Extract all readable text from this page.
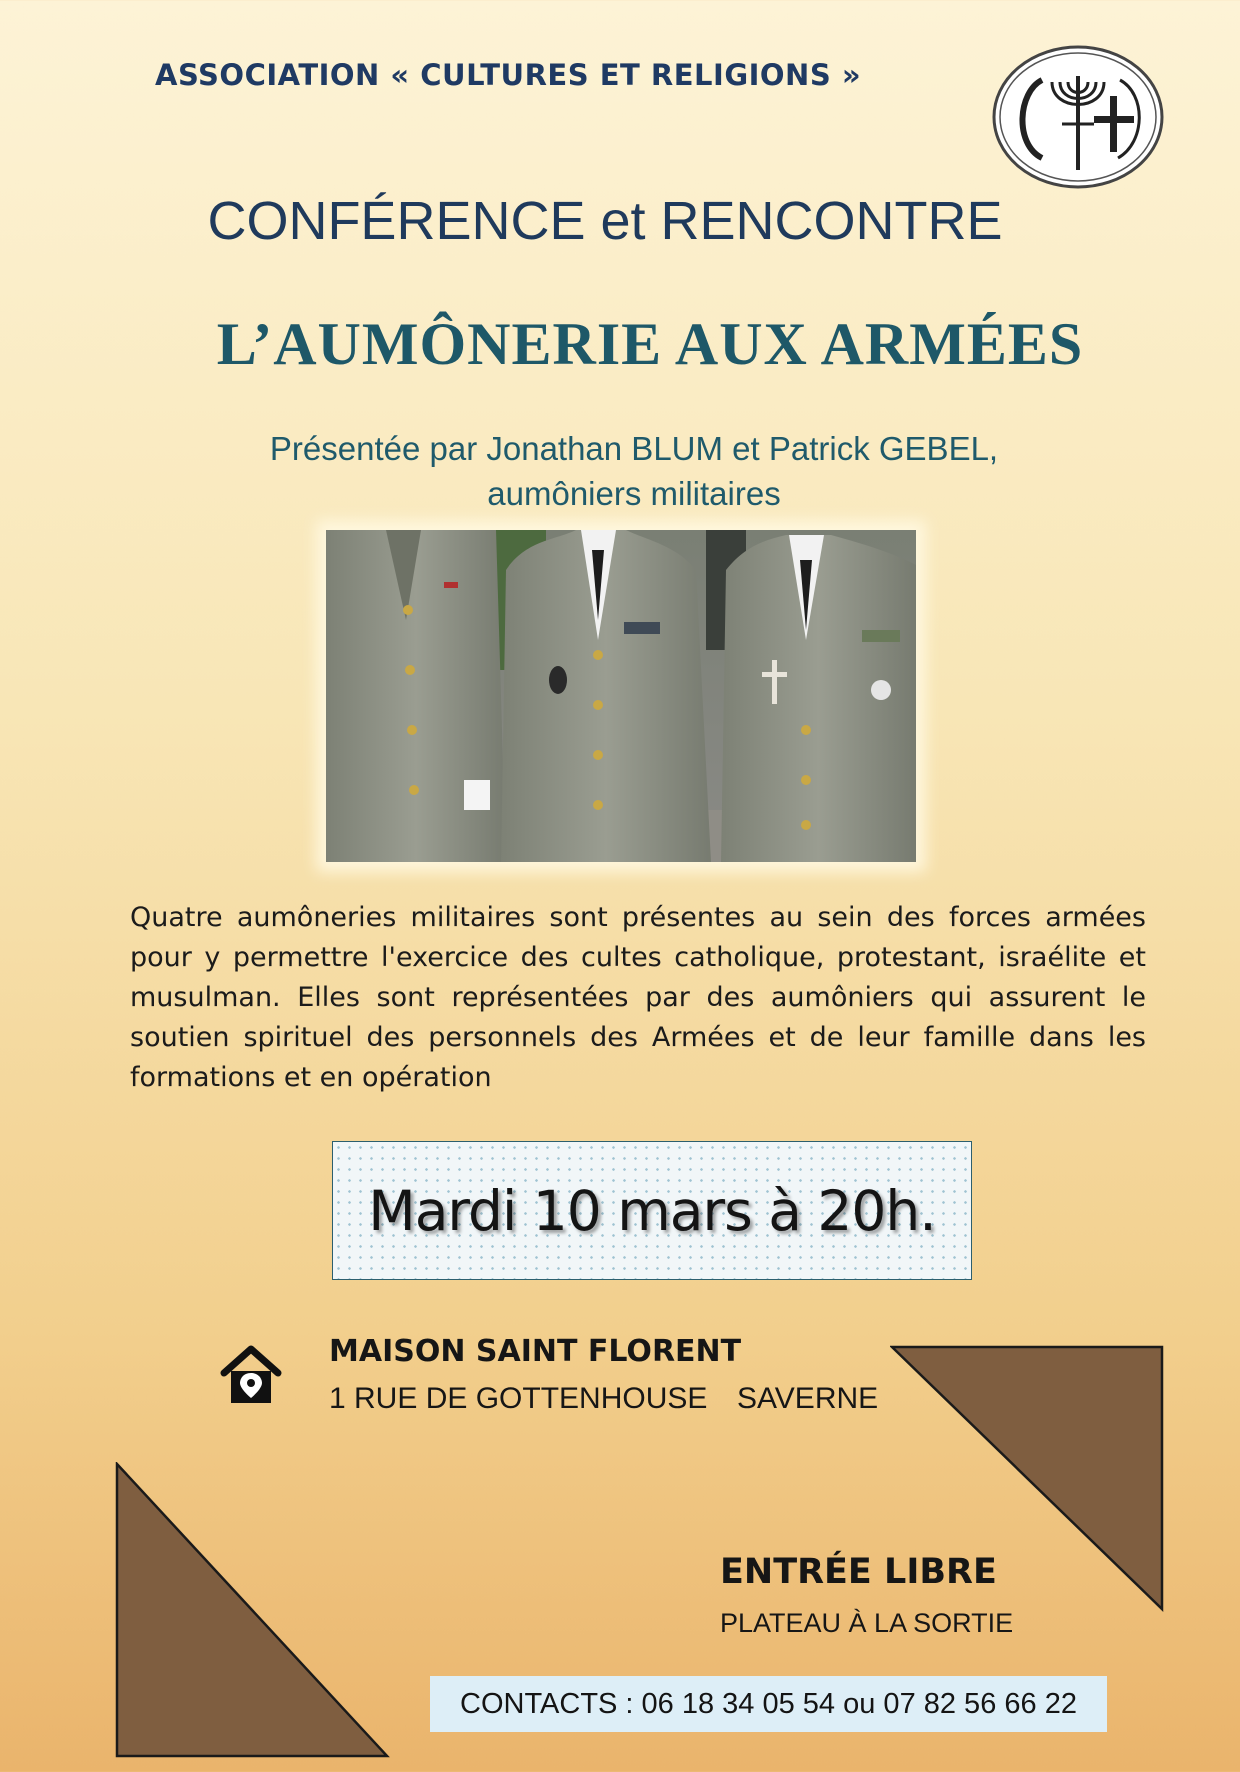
ASSOCIATION « CULTURES ET RELIGIONS »
CONFÉRENCE et RENCONTRE
L’AUMÔNERIE AUX ARMÉES
Présentée par Jonathan BLUM et Patrick GEBEL,
aumôniers militaires

Quatre aumôneries militaires sont présentes au sein des forces armées pour y permettre l'exercice des cultes catholique, protestant, israélite et musulman. Elles sont représentées par des aumôniers qui assurent le soutien spirituel des personnels des Armées et de leur famille dans les formations et en opération

Mardi 10 mars à 20h.
MAISON SAINT FLORENT
1 RUE DE GOTTENHOUSE SAVERNE
ENTRÉE LIBRE
PLATEAU À LA SORTIE
CONTACTS : 06 18 34 05 54 ou 07 82 56 66 22
